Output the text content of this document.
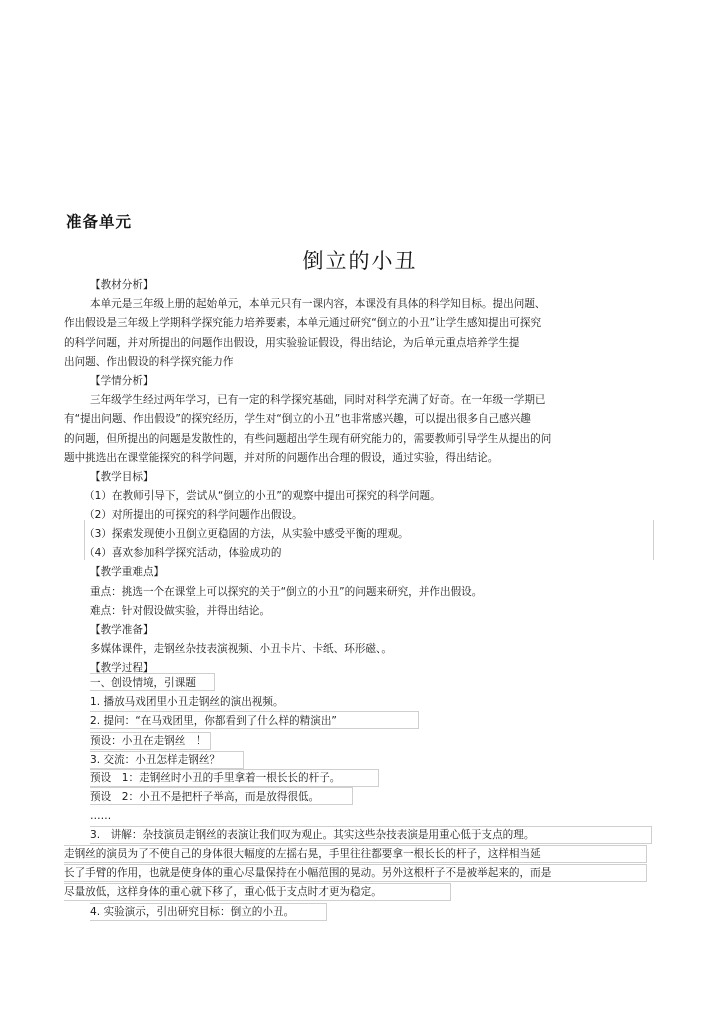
准备单元
倒立的小丑
【教材分析】
本单元是三年级上册的起始单元，本单元只有一课内容，本课没有具体的科学知目标。提出问题、
作出假设是三年级上学期科学探究能力培养要素，本单元通过研究“倒立的小丑”让学生感知提出可探究
的科学问题，并对所提出的问题作出假设，用实验验证假设，得出结论，为后单元重点培养学生提
出问题、作出假设的科学探究能力作
【学情分析】
三年级学生经过两年学习，已有一定的科学探究基础，同时对科学充满了好奇。在一年级一学期已
有“提出问题、作出假设”的探究经历，学生对“倒立的小丑”也非常感兴趣，可以提出很多自己感兴趣
的问题，但所提出的问题是发散性的，有些问题超出学生现有研究能力的，需要教师引导学生从提出的问
题中挑选出在课堂能探究的科学问题，并对所的问题作出合理的假设，通过实验，得出结论。
【教学目标】
（1）在教师引导下，尝试从“倒立的小丑”的观察中提出可探究的科学问题。
（2）对所提出的可探究的科学问题作出假设。
（3）探索发现使小丑倒立更稳固的方法，从实验中感受平衡的理观。
（4）喜欢参加科学探究活动，体验成功的
【教学重难点】
重点：挑选一个在课堂上可以探究的关于“倒立的小丑”的问题来研究，并作出假设。
难点：针对假设做实验，并得出结论。
【教学准备】
多媒体课件，走钢丝杂技表演视频、小丑卡片、卡纸、环形磁、。
【教学过程】
一、创设情境，引课题
1. 播放马戏团里小丑走钢丝的演出视频。
2. 提问：“在马戏团里，你都看到了什么样的精演出”
预设：小丑在走钢丝　！
3. 交流：小丑怎样走钢丝？
预设　1：走钢丝时小丑的手里拿着一根长长的杆子。
预设　2：小丑不是把杆子举高，而是放得很低。
……
3.　讲解：杂技演员走钢丝的表演让我们叹为观止。其实这些杂技表演是用重心低于支点的理。
走钢丝的演员为了不使自己的身体很大幅度的左摇右晃，手里往往都要拿一根长长的杆子，这样相当延
长了手臂的作用，也就是使身体的重心尽量保持在小幅范围的晃动。另外这根杆子不是被举起来的，而是
尽量放低，这样身体的重心就下移了，重心低于支点时才更为稳定。
4. 实验演示，引出研究目标：倒立的小丑。
